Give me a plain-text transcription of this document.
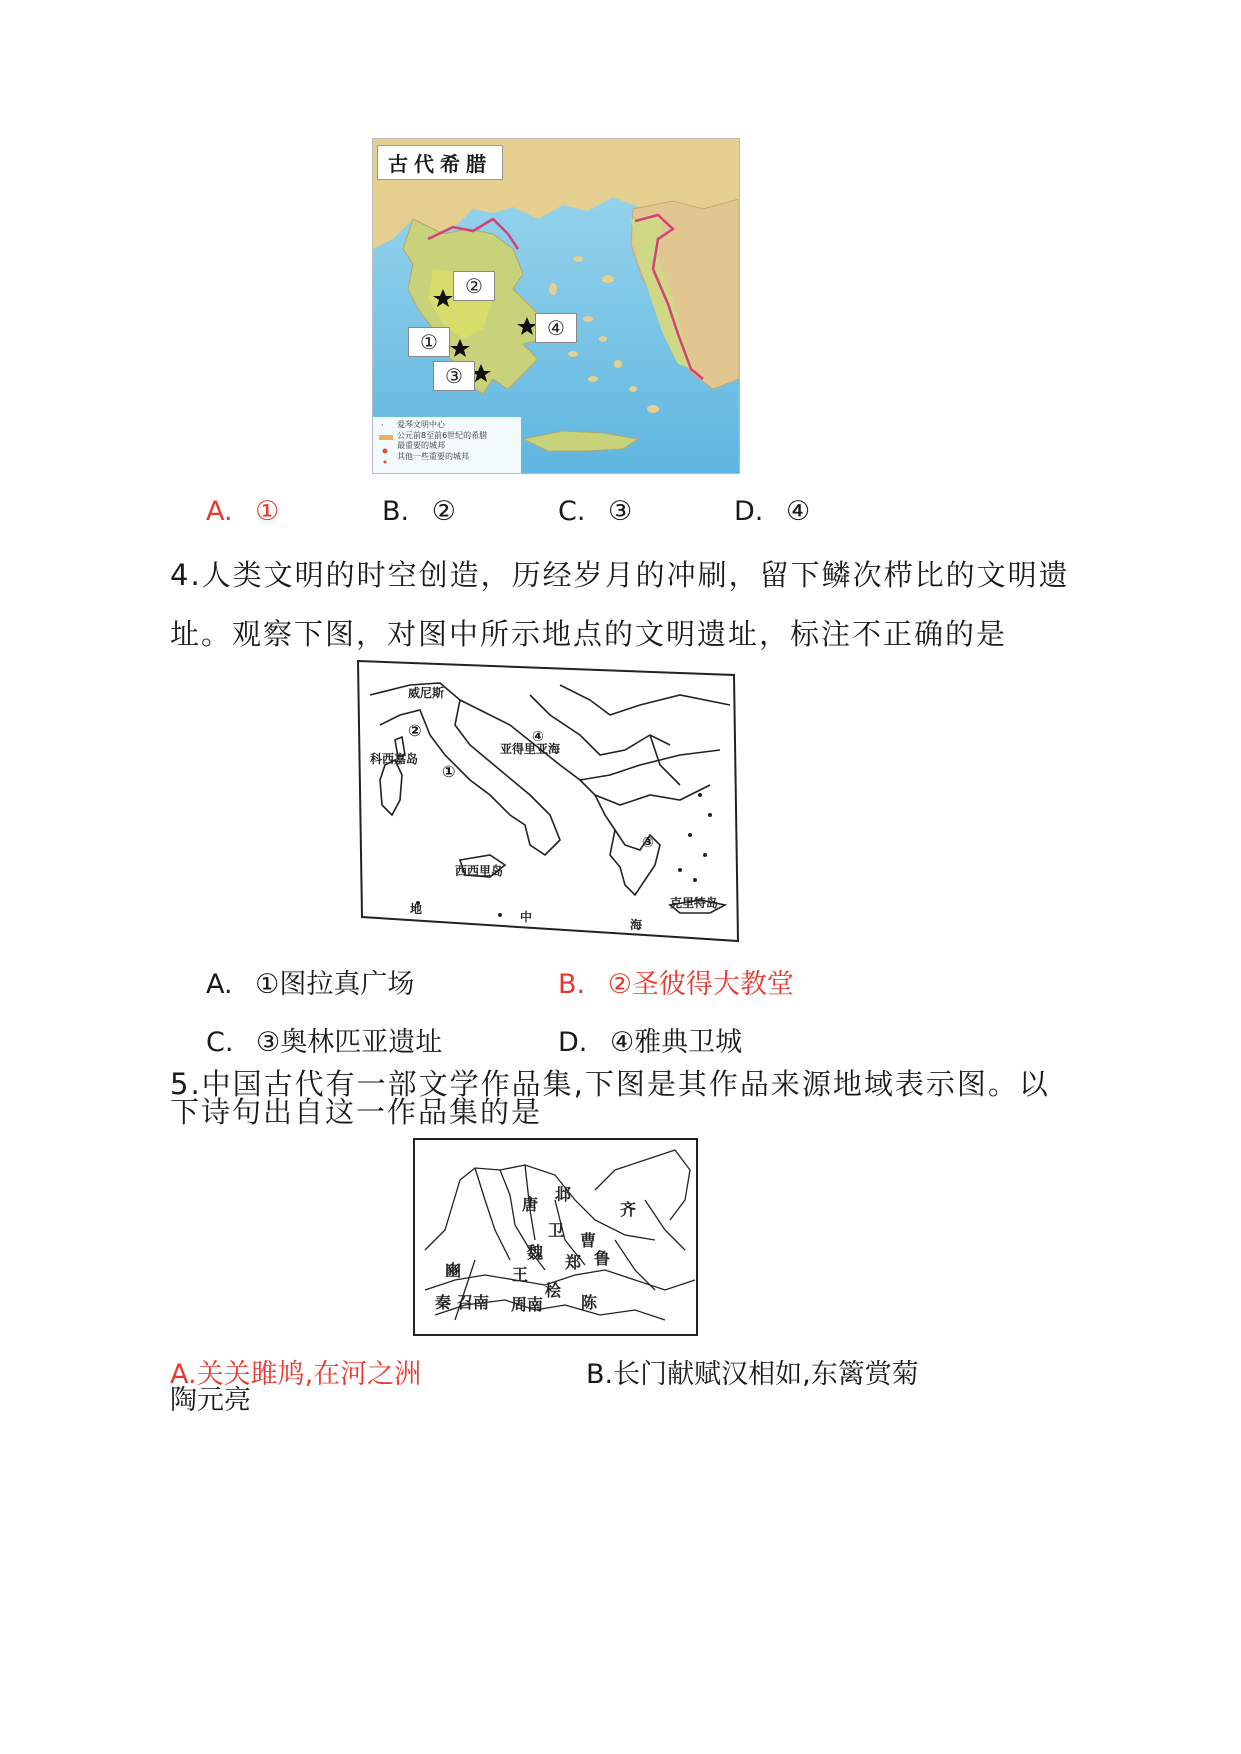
·
古代希腊
②
①
③
④
爱琴文明中心
公元前8至前6世纪的希腊
最重要的城邦
其他一些重要的城邦
A. ①	B. ②	C. ③	D. ④
4.人类文明的时空创造，历经岁月的冲刷，留下鳞次栉比的文明遗
址。观察下图，对图中所示地点的文明遗址，标注不正确的是
威尼斯
科西嘉岛
亚得里亚海
西西里岛
地
中
海
克里特岛
②
①
④
③
A. ①图拉真广场	B. ②圣彼得大教堂
C. ③奥林匹亚遗址	D. ④雅典卫城
5.中国古代有一部文学作品集,下图是其作品来源地域表示图。以
下诗句出自这一作品集的是
唐
邶
卫
齐
魏
曹
豳	王
郑 鲁
秦 召南 周南
桧
陈
A.关关雎鸠,在河之洲	B.长门献赋汉相如,东篱赏菊
陶元亮
